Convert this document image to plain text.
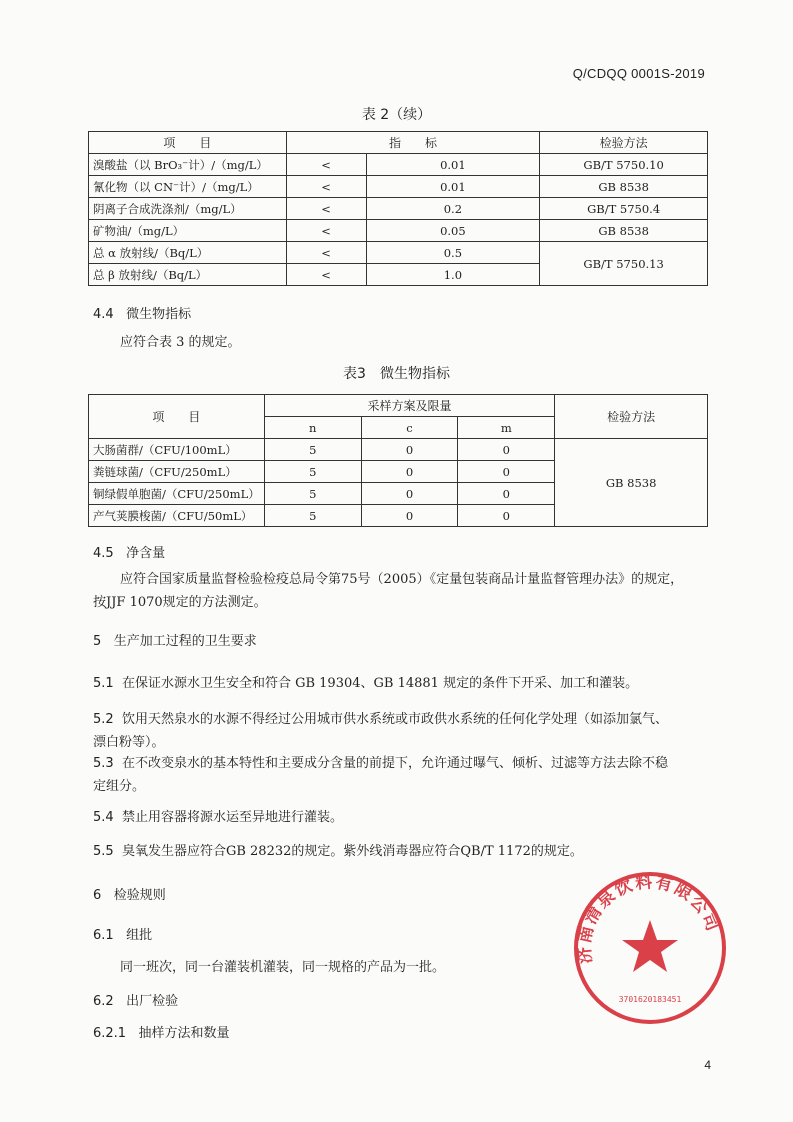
Q/CDQQ 0001S-2019
表 2（续）
项　　目	指　　标		检验方法
溴酸盐（以 BrO₃⁻计）/（mg/L）	<	0.01	GB/T 5750.10
氰化物（以 CN⁻计）/（mg/L）	<	0.01	GB 8538
阴离子合成洗涤剂/（mg/L）	<	0.2	GB/T 5750.4
矿物油/（mg/L）	<	0.05	GB 8538
总 α 放射线/（Bq/L）	<	0.5	GB/T 5750.13
总 β 放射线/（Bq/L）	<	1.0	
4.4 微生物指标
应符合表 3 的规定。
表3　微生物指标
项　　目	采样方案及限量			检验方法
	n	c	m	
大肠菌群/（CFU/100mL）	5	0	0	GB 8538
粪链球菌/（CFU/250mL）	5	0	0	
铜绿假单胞菌/（CFU/250mL）	5	0	0	
产气荚膜梭菌/（CFU/50mL）	5	0	0	
4.5 净含量
应符合国家质量监督检验检疫总局令第75号（2005）《定量包装商品计量监督管理办法》的规定，
按JJF 1070规定的方法测定。
5 生产加工过程的卫生要求
5.1 在保证水源水卫生安全和符合 GB 19304、GB 14881 规定的条件下开采、加工和灌装。
5.2 饮用天然泉水的水源不得经过公用城市供水系统或市政供水系统的任何化学处理（如添加氯气、
漂白粉等）。
5.3 在不改变泉水的基本特性和主要成分含量的前提下，允许通过曝气、倾析、过滤等方法去除不稳
定组分。
5.4 禁止用容器将源水运至异地进行灌装。
5.5 臭氧发生器应符合GB 28232的规定。紫外线消毒器应符合QB/T 1172的规定。
6 检验规则
6.1 组批
同一班次，同一台灌装机灌装，同一规格的产品为一批。
6.2 出厂检验
6.2.1 抽样方法和数量
济南清泉饮料有限公司
3701620183451
4
